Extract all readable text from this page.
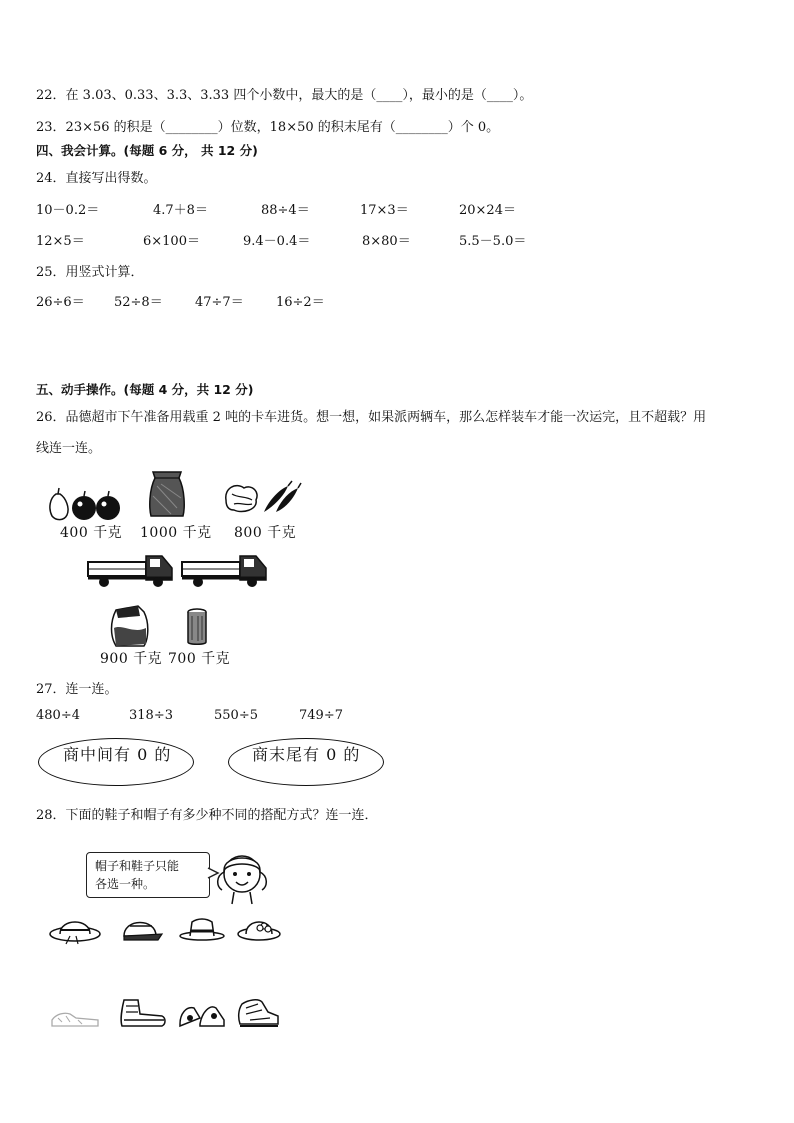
22．在 3.03、0.33、3.3、3.33 四个小数中，最大的是（____），最小的是（____）。
23．23×56 的积是（________）位数，18×50 的积末尾有（________）个 0。
四、我会计算。(每题 6 分， 共 12 分)
24．直接写出得数。
10－0.2＝	4.7＋8＝	88÷4＝	17×3＝	20×24＝
12×5＝	6×100＝	9.4－0.4＝	8×80＝	5.5－5.0＝
25．用竖式计算．
26÷6＝ 52÷8＝ 47÷7＝ 16÷2＝
五、动手操作。(每题 4 分，共 12 分)
26．品德超市下午准备用载重 2 吨的卡车进货。想一想，如果派两辆车，那么怎样装车才能一次运完，且不超载？用
线连一连。
400 千克 1000 千克 800 千克
900 千克 700 千克
27．连一连。
480÷4	318÷3	550÷5	749÷7
商中间有 0 的	商末尾有 0 的
28．下面的鞋子和帽子有多少种不同的搭配方式？连一连．
帽子和鞋子只能
各选一种。
